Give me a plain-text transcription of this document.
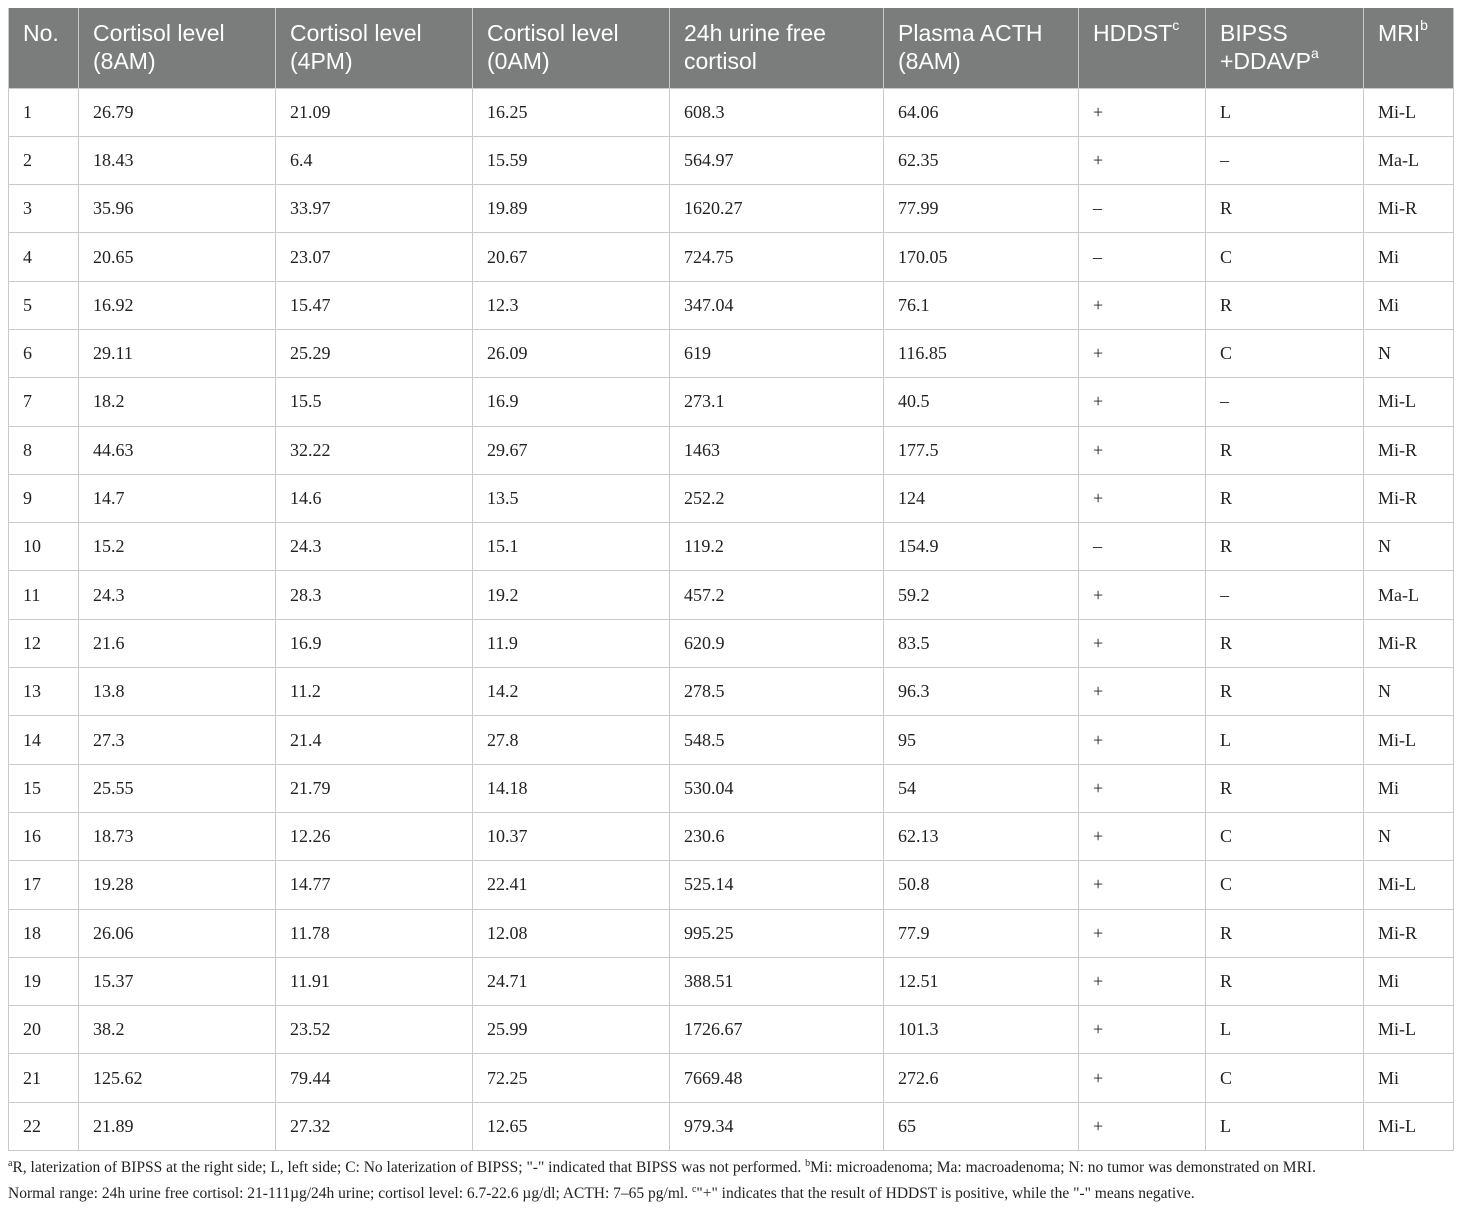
No.	Cortisol level (8AM)	Cortisol level (4PM)	Cortisol level (0AM)	24h urine free cortisol	Plasma ACTH (8AM)	HDDST$^c$	BIPSS $+DDAVP^a$	MRI$^b$
1	26.79	21.09	16.25	608.3	64.06	+	L	Mi-L
2	18.43	6.4	15.59	564.97	62.35	+	–	Ma-L
3	35.96	33.97	19.89	1620.27	77.99	–	R	Mi-R
4	20.65	23.07	20.67	724.75	170.05	–	C	Mi
5	16.92	15.47	12.3	347.04	76.1	+	R	Mi
6	29.11	25.29	26.09	619	116.85	+	C	N
7	18.2	15.5	16.9	273.1	40.5	+	–	Mi-L
8	44.63	32.22	29.67	1463	177.5	+	R	Mi-R
9	14.7	14.6	13.5	252.2	124	+	R	Mi-R
10	15.2	24.3	15.1	119.2	154.9	–	R	N
11	24.3	28.3	19.2	457.2	59.2	+	–	Ma-L
12	21.6	16.9	11.9	620.9	83.5	+	R	Mi-R
13	13.8	11.2	14.2	278.5	96.3	+	R	N
14	27.3	21.4	27.8	548.5	95	+	L	Mi-L
15	25.55	21.79	14.18	530.04	54	+	R	Mi
16	18.73	12.26	10.37	230.6	62.13	+	C	N
17	19.28	14.77	22.41	525.14	50.8	+	C	Mi-L
18	26.06	11.78	12.08	995.25	77.9	+	R	Mi-R
19	15.37	11.91	24.71	388.51	12.51	+	R	Mi
20	38.2	23.52	25.99	1726.67	101.3	+	L	Mi-L
21	125.62	79.44	72.25	7669.48	272.6	+	C	Mi
22	21.89	27.32	12.65	979.34	65	+	L	Mi-L
$^a$R, laterization of BIPSS at the right side; L, left side; C: No laterization of BIPSS; "-" indicated that BIPSS was not performed. $^b$Mi: microadenoma; Ma: macroadenoma; N: no tumor was demonstrated on MRI.
Normal range: 24h urine free cortisol: 21-111µg/24h urine; cortisol level: 6.7-22.6 µg/dl; ACTH: 7–65 pg/ml. $^c$"+" indicates that the result of HDDST is positive, while the "-" means negative.
